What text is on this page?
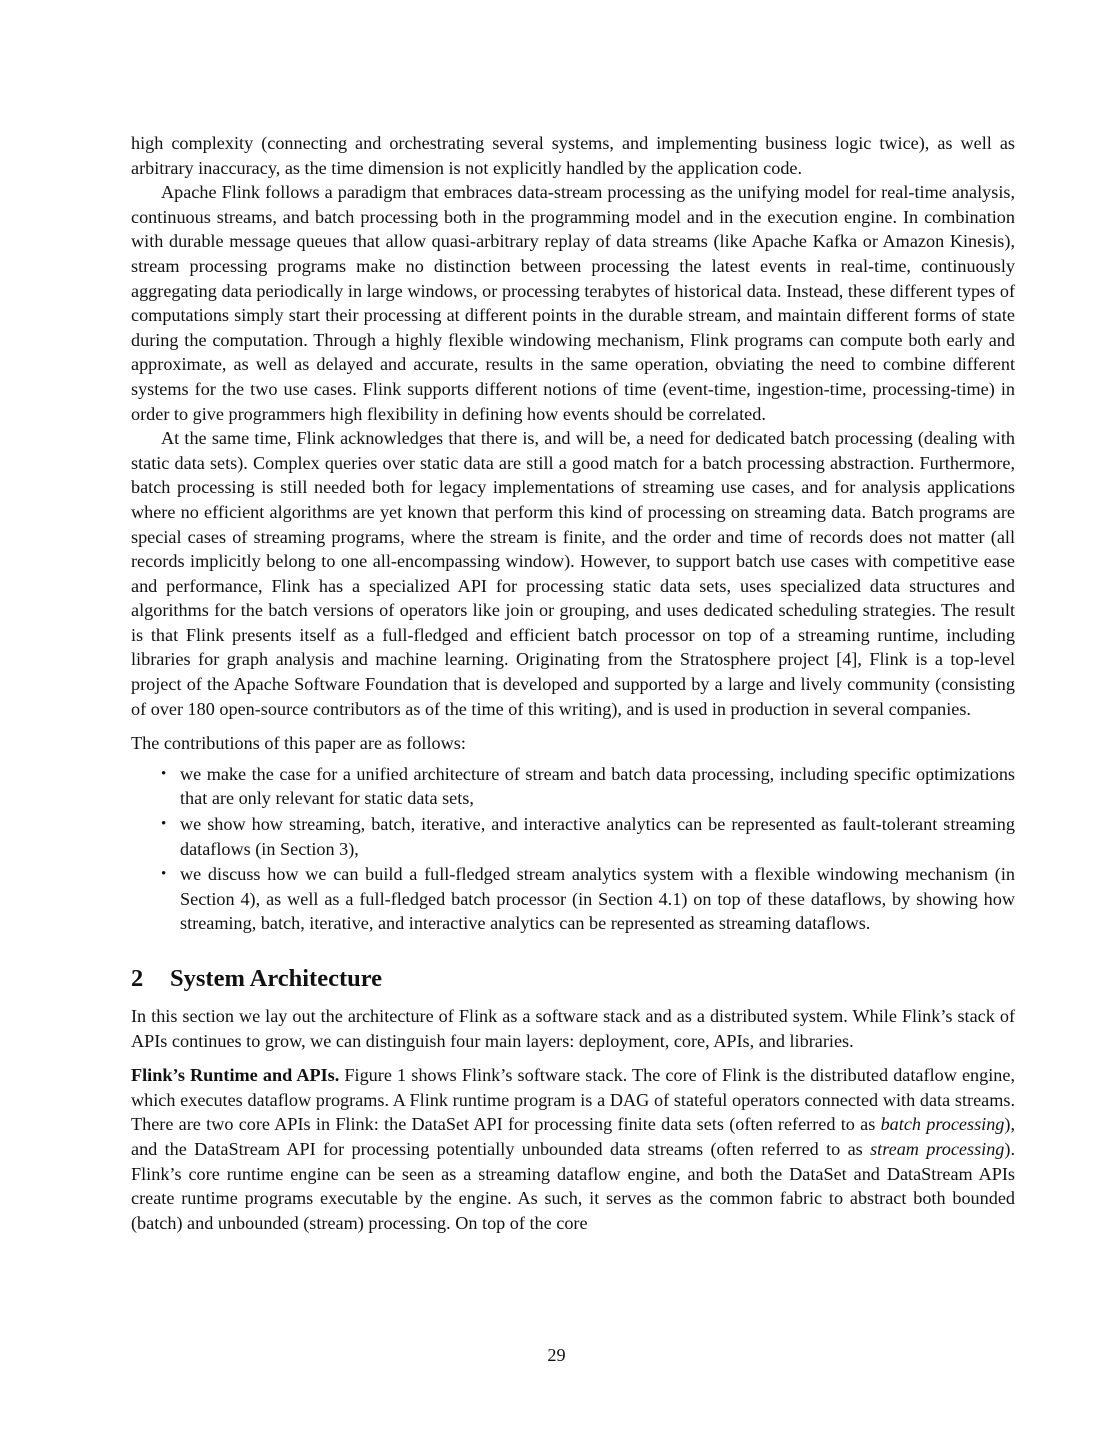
high complexity (connecting and orchestrating several systems, and implementing business logic twice), as well as arbitrary inaccuracy, as the time dimension is not explicitly handled by the application code.

Apache Flink follows a paradigm that embraces data-stream processing as the unifying model for real-time analysis, continuous streams, and batch processing both in the programming model and in the execution engine. In combination with durable message queues that allow quasi-arbitrary replay of data streams (like Apache Kafka or Amazon Kinesis), stream processing programs make no distinction between processing the latest events in real-time, continuously aggregating data periodically in large windows, or processing terabytes of historical data. Instead, these different types of computations simply start their processing at different points in the durable stream, and maintain different forms of state during the computation. Through a highly flexible windowing mechanism, Flink programs can compute both early and approximate, as well as delayed and accurate, results in the same operation, obviating the need to combine different systems for the two use cases. Flink supports different notions of time (event-time, ingestion-time, processing-time) in order to give programmers high flexibility in defining how events should be correlated.

At the same time, Flink acknowledges that there is, and will be, a need for dedicated batch processing (dealing with static data sets). Complex queries over static data are still a good match for a batch processing abstraction. Furthermore, batch processing is still needed both for legacy implementations of streaming use cases, and for analysis applications where no efficient algorithms are yet known that perform this kind of processing on streaming data. Batch programs are special cases of streaming programs, where the stream is finite, and the order and time of records does not matter (all records implicitly belong to one all-encompassing window). However, to support batch use cases with competitive ease and performance, Flink has a specialized API for processing static data sets, uses specialized data structures and algorithms for the batch versions of operators like join or grouping, and uses dedicated scheduling strategies. The result is that Flink presents itself as a full-fledged and efficient batch processor on top of a streaming runtime, including libraries for graph analysis and machine learning. Originating from the Stratosphere project [4], Flink is a top-level project of the Apache Software Foundation that is developed and supported by a large and lively community (consisting of over 180 open-source contributors as of the time of this writing), and is used in production in several companies.

The contributions of this paper are as follows:

• we make the case for a unified architecture of stream and batch data processing, including specific optimizations that are only relevant for static data sets,
• we show how streaming, batch, iterative, and interactive analytics can be represented as fault-tolerant streaming dataflows (in Section 3),
• we discuss how we can build a full-fledged stream analytics system with a flexible windowing mechanism (in Section 4), as well as a full-fledged batch processor (in Section 4.1) on top of these dataflows, by showing how streaming, batch, iterative, and interactive analytics can be represented as streaming dataflows.
2 System Architecture

In this section we lay out the architecture of Flink as a software stack and as a distributed system. While Flink’s stack of APIs continues to grow, we can distinguish four main layers: deployment, core, APIs, and libraries.

Flink’s Runtime and APIs. Figure 1 shows Flink’s software stack. The core of Flink is the distributed dataflow engine, which executes dataflow programs. A Flink runtime program is a DAG of stateful operators connected with data streams. There are two core APIs in Flink: the DataSet API for processing finite data sets (often referred to as batch processing), and the DataStream API for processing potentially unbounded data streams (often referred to as stream processing). Flink’s core runtime engine can be seen as a streaming dataflow engine, and both the DataSet and DataStream APIs create runtime programs executable by the engine. As such, it serves as the common fabric to abstract both bounded (batch) and unbounded (stream) processing. On top of the core

29
